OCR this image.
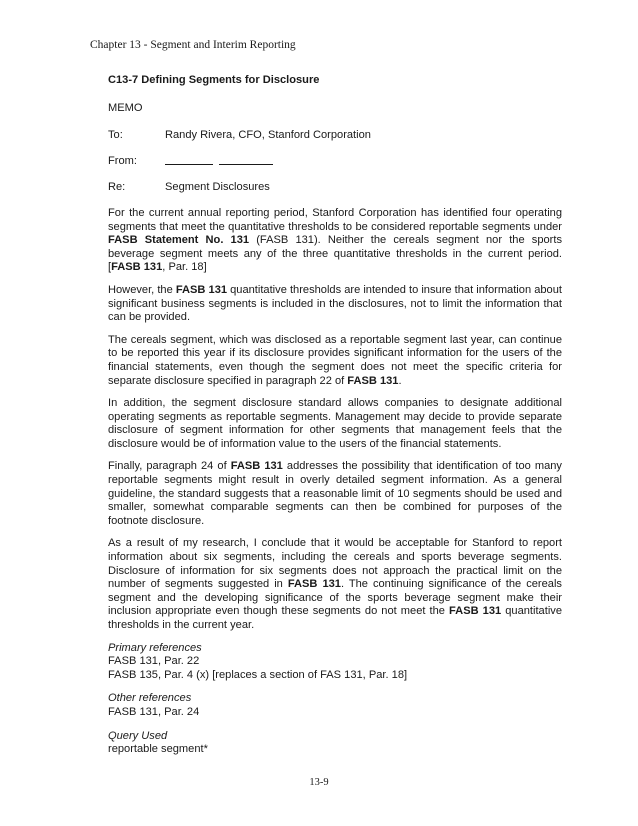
Chapter 13 - Segment and Interim Reporting
C13-7 Defining Segments for Disclosure
MEMO
To:	Randy Rivera, CFO, Stanford Corporation
From:
Re:	Segment Disclosures

For the current annual reporting period, Stanford Corporation has identified four operating segments that meet the quantitative thresholds to be considered reportable segments under FASB Statement No. 131 (FASB 131). Neither the cereals segment nor the sports beverage segment meets any of the three quantitative thresholds in the current period. [FASB 131, Par. 18]

However, the FASB 131 quantitative thresholds are intended to insure that information about significant business segments is included in the disclosures, not to limit the information that can be provided.

The cereals segment, which was disclosed as a reportable segment last year, can continue to be reported this year if its disclosure provides significant information for the users of the financial statements, even though the segment does not meet the specific criteria for separate disclosure specified in paragraph 22 of FASB 131.

In addition, the segment disclosure standard allows companies to designate additional operating segments as reportable segments. Management may decide to provide separate disclosure of segment information for other segments that management feels that the disclosure would be of information value to the users of the financial statements.

Finally, paragraph 24 of FASB 131 addresses the possibility that identification of too many reportable segments might result in overly detailed segment information. As a general guideline, the standard suggests that a reasonable limit of 10 segments should be used and smaller, somewhat comparable segments can then be combined for purposes of the footnote disclosure.

As a result of my research, I conclude that it would be acceptable for Stanford to report information about six segments, including the cereals and sports beverage segments. Disclosure of information for six segments does not approach the practical limit on the number of segments suggested in FASB 131. The continuing significance of the cereals segment and the developing significance of the sports beverage segment make their inclusion appropriate even though these segments do not meet the FASB 131 quantitative thresholds in the current year.

Primary references
FASB 131, Par. 22
FASB 135, Par. 4 (x) [replaces a section of FAS 131, Par. 18]
Other references
FASB 131, Par. 24
Query Used
reportable segment*
13-9
